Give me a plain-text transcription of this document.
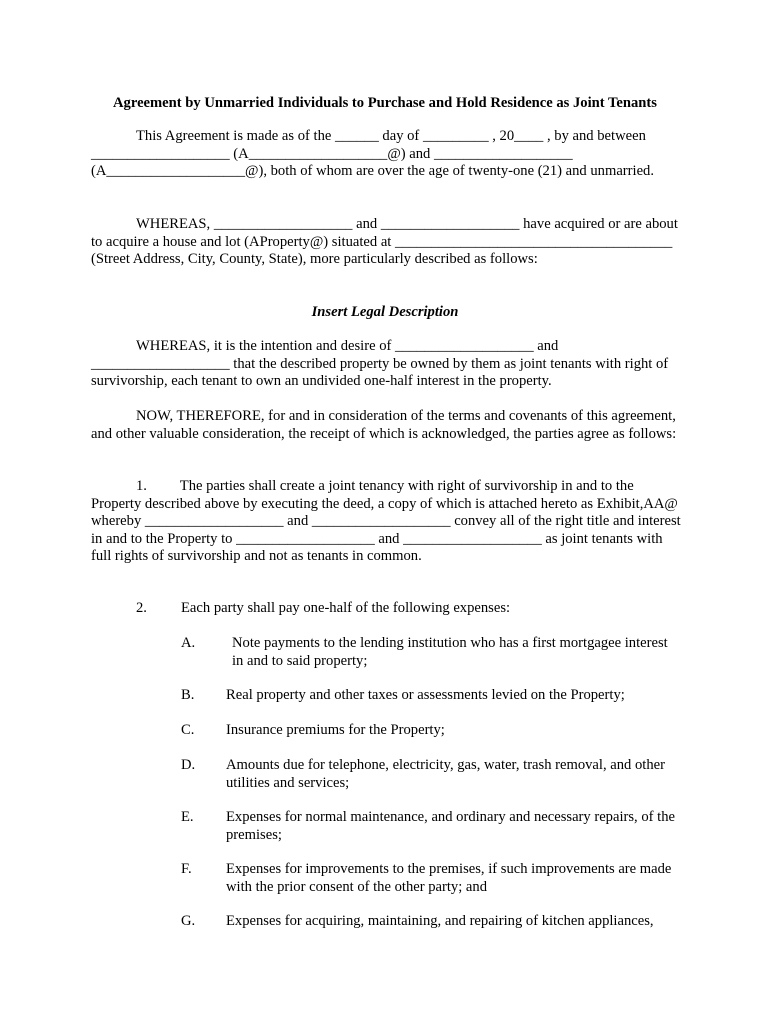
Agreement by Unmarried Individuals to Purchase and Hold Residence as Joint Tenants
This Agreement is made as of the ______ day of _________ , 20____ , by and between ___________________ (A___________________@) and ___________________ (A___________________@), both of whom are over the age of twenty-one (21) and unmarried.
WHEREAS, ___________________ and ___________________ have acquired or are about to acquire a house and lot (AProperty@) situated at ______________________________________ (Street Address, City, County, State), more particularly described as follows:
Insert Legal Description
WHEREAS, it is the intention and desire of ___________________ and ___________________ that the described property be owned by them as joint tenants with right of survivorship, each tenant to own an undivided one-half interest in the property.
NOW, THEREFORE, for and in consideration of the terms and covenants of this agreement, and other valuable consideration, the receipt of which is acknowledged, the parties agree as follows:
1. The parties shall create a joint tenancy with right of survivorship in and to the Property described above by executing the deed, a copy of which is attached hereto as Exhibit,AA@ whereby ___________________ and ___________________ convey all of the right title and interest in and to the Property to ___________________ and ___________________ as joint tenants with full rights of survivorship and not as tenants in common.
2. Each party shall pay one-half of the following expenses:
A.	Note payments to the lending institution who has a first mortgagee interest in and to said property;
B. Real property and other taxes or assessments levied on the Property;
C. Insurance premiums for the Property;
D. Amounts due for telephone, electricity, gas, water, trash removal, and other utilities and services;
E. Expenses for normal maintenance, and ordinary and necessary repairs, of the premises;
F. Expenses for improvements to the premises, if such improvements are made with the prior consent of the other party; and
G. Expenses for acquiring, maintaining, and repairing of kitchen appliances,
